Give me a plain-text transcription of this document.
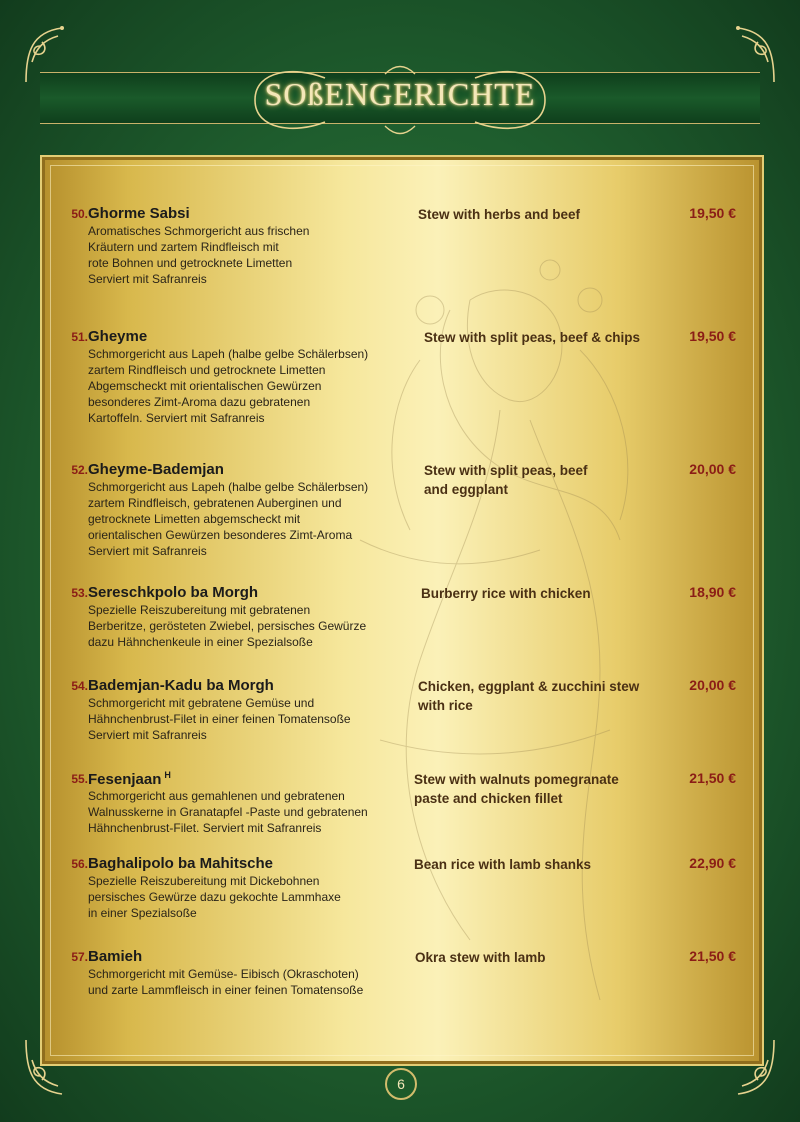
SOßENGERICHTE
50. Ghorme Sabsi
Aromatisches Schmorgericht aus frischen
Kräutern und zartem Rindfleisch mit
rote Bohnen und getrocknete Limetten
Serviert mit Safranreis
Stew with herbs and beef	19,50 €
51. Gheyme
Schmorgericht aus Lapeh (halbe gelbe Schälerbsen)
zartem Rindfleisch und getrocknete Limetten
Abgemscheckt mit orientalischen Gewürzen
besonderes Zimt-Aroma dazu gebratenen
Kartoffeln. Serviert mit Safranreis
Stew with split peas, beef & chips	19,50 €
52. Gheyme-Bademjan
Schmorgericht aus Lapeh (halbe gelbe Schälerbsen)
zartem Rindfleisch, gebratenen Auberginen und
getrocknete Limetten abgemscheckt mit
orientalischen Gewürzen besonderes Zimt-Aroma
Serviert mit Safranreis
Stew with split peas, beef
and eggplant
20,00 €
53. Sereschkpolo ba Morgh
Spezielle Reiszubereitung mit gebratenen
Berberitze, gerösteten Zwiebel, persisches Gewürze
dazu Hähnchenkeule in einer Spezialsoße
Burberry rice with chicken	18,90 €
54. Bademjan-Kadu ba Morgh
Schmorgericht mit gebratene Gemüse und
Hähnchenbrust-Filet in einer feinen Tomatensoße
Serviert mit Safranreis
Chicken, eggplant & zucchini stew
with rice
20,00 €
55. Fesenjaan $^H$
Schmorgericht aus gemahlenen und gebratenen
Walnusskerne in Granatapfel -Paste und gebratenen
Hähnchenbrust-Filet. Serviert mit Safranreis
Stew with walnuts pomegranate
paste and chicken fillet
21,50 €
56. Baghalipolo ba Mahitsche
Spezielle Reiszubereitung mit Dickebohnen
persisches Gewürze dazu gekochte Lammhaxe
in einer Spezialsoße
Bean rice with lamb shanks	22,90 €
57. Bamieh
Schmorgericht mit Gemüse- Eibisch (Okraschoten)
und zarte Lammfleisch in einer feinen Tomatensoße
Okra stew with lamb	21,50 €
6
